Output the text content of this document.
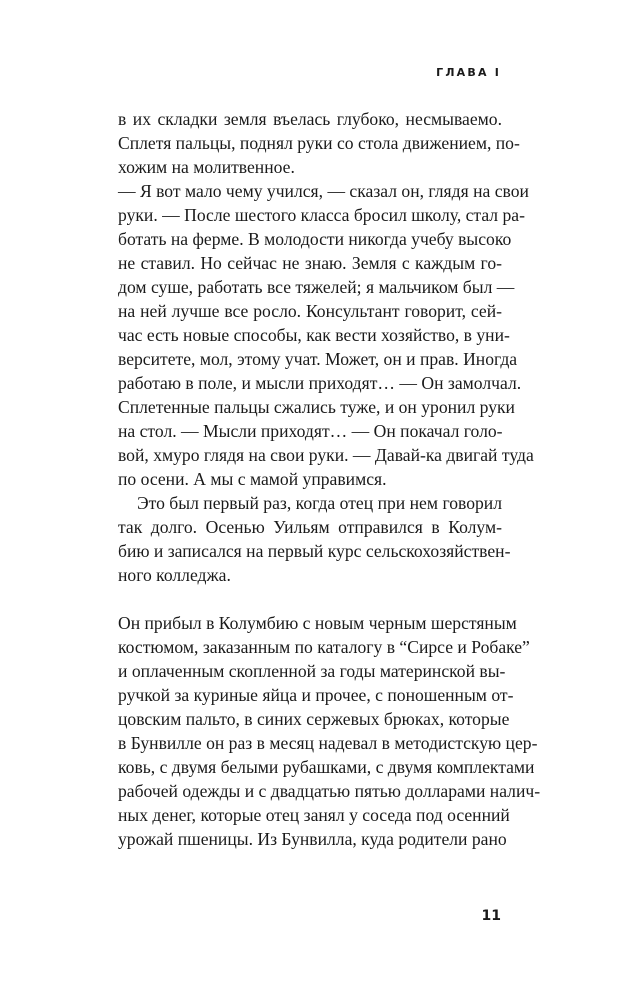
ГЛАВА I
в их складки земля въелась глубоко, несмываемо.
Сплетя пальцы, поднял руки со стола движением, по-
хожим на молитвенное.
— Я вот мало чему учился, — сказал он, глядя на свои
руки. — После шестого класса бросил школу, стал ра-
ботать на ферме. В молодости никогда учебу высоко
не ставил. Но сейчас не знаю. Земля с каждым го-
дом суше, работать все тяжелей; я мальчиком был —
на ней лучше все росло. Консультант говорит, сей-
час есть новые способы, как вести хозяйство, в уни-
верситете, мол, этому учат. Может, он и прав. Иногда
работаю в поле, и мысли приходят… — Он замолчал.
Сплетенные пальцы сжались туже, и он уронил руки
на стол. — Мысли приходят… — Он покачал голо-
вой, хмуро глядя на свои руки. — Давай-ка двигай туда
по осени. А мы с мамой управимся.
Это был первый раз, когда отец при нем говорил
так долго. Осенью Уильям отправился в Колум-
бию и записался на первый курс сельскохозяйствен-
ного колледжа.
Он прибыл в Колумбию с новым черным шерстяным
костюмом, заказанным по каталогу в “Сирсе и Робаке”
и оплаченным скопленной за годы материнской вы-
ручкой за куриные яйца и прочее, с поношенным от-
цовским пальто, в синих сержевых брюках, которые
в Бунвилле он раз в месяц надевал в методистскую цер-
ковь, с двумя белыми рубашками, с двумя комплектами
рабочей одежды и с двадцатью пятью долларами налич-
ных денег, которые отец занял у соседа под осенний
урожай пшеницы. Из Бунвилла, куда родители рано
11
